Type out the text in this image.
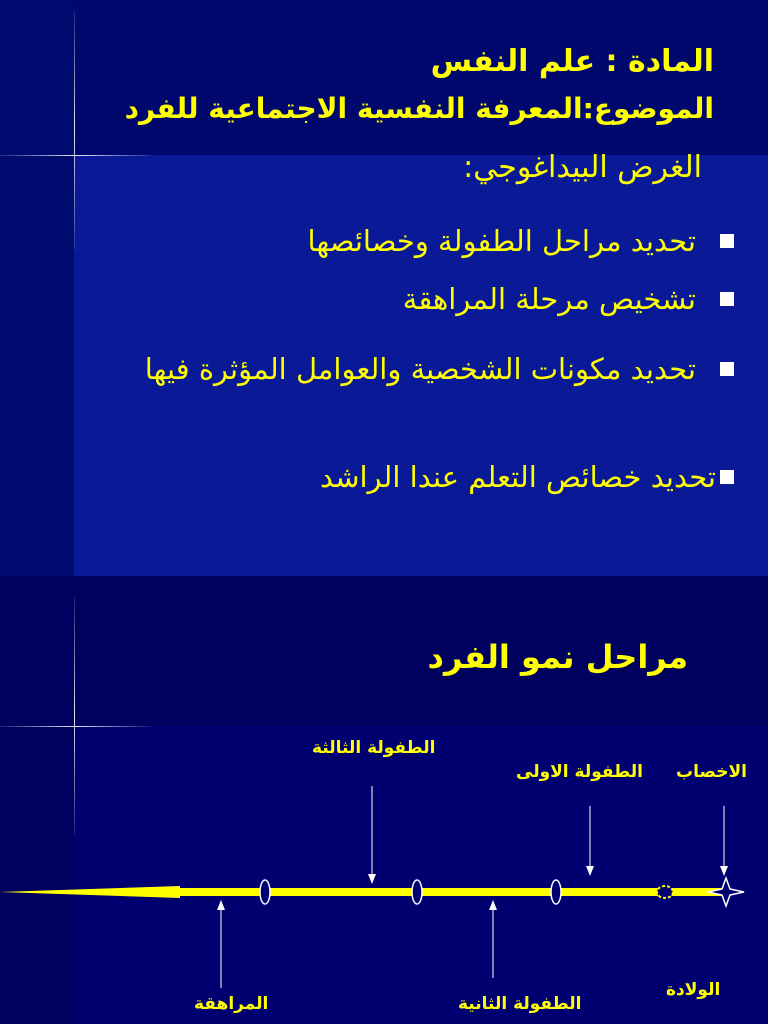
المادة : علم النفس
الموضوع:المعرفة النفسية الاجتماعية للفرد
الغرض البيداغوجي:
تحديد مراحل الطفولة وخصائصها
تشخيص مرحلة المراهقة
تحديد مكونات الشخصية والعوامل المؤثرة فيها
تحديد خصائص التعلم عندا الراشد
مراحل نمو الفرد
الطفولة الثالثة
الطفولة الاولى الاخصاب
الولادة
الطفولة الثانية
المراهقة
